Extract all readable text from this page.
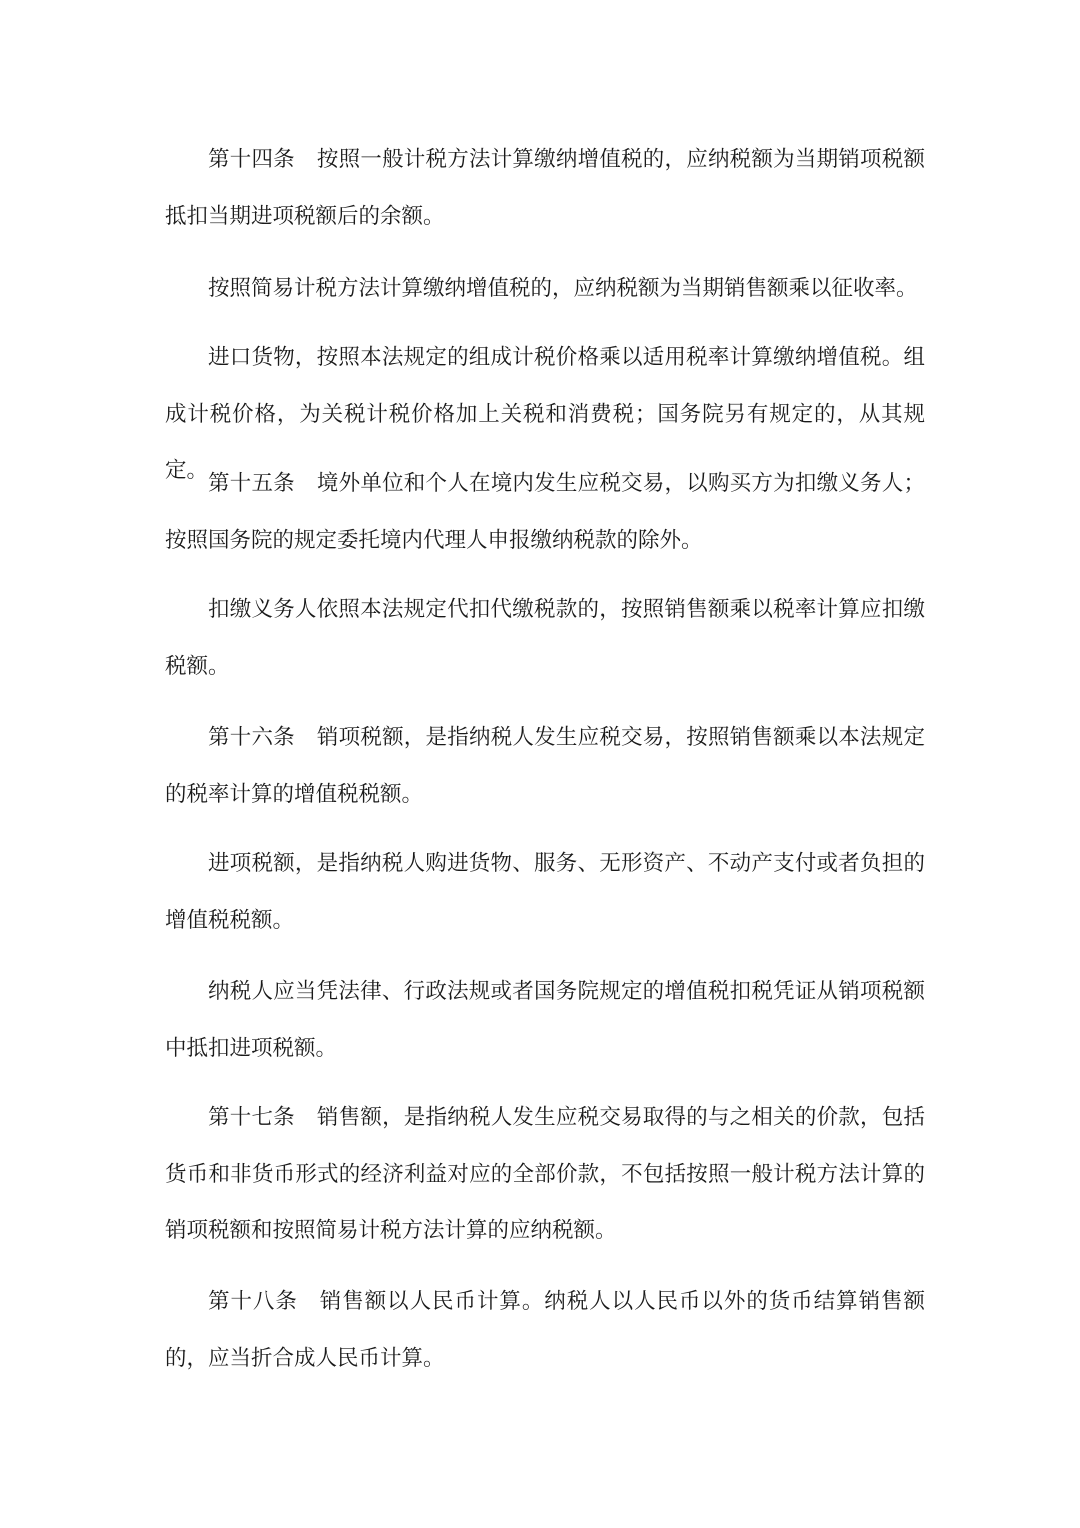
第十四条 按照一般计税方法计算缴纳增值税的，应纳税额为当期销项税额抵扣当期进项税额后的余额。

按照简易计税方法计算缴纳增值税的，应纳税额为当期销售额乘以征收率。

进口货物，按照本法规定的组成计税价格乘以适用税率计算缴纳增值税。组成计税价格，为关税计税价格加上关税和消费税；国务院另有规定的，从其规定。

第十五条 境外单位和个人在境内发生应税交易，以购买方为扣缴义务人；按照国务院的规定委托境内代理人申报缴纳税款的除外。

扣缴义务人依照本法规定代扣代缴税款的，按照销售额乘以税率计算应扣缴税额。

第十六条 销项税额，是指纳税人发生应税交易，按照销售额乘以本法规定的税率计算的增值税税额。

进项税额，是指纳税人购进货物、服务、无形资产、不动产支付或者负担的增值税税额。

纳税人应当凭法律、行政法规或者国务院规定的增值税扣税凭证从销项税额中抵扣进项税额。

第十七条 销售额，是指纳税人发生应税交易取得的与之相关的价款，包括货币和非货币形式的经济利益对应的全部价款，不包括按照一般计税方法计算的销项税额和按照简易计税方法计算的应纳税额。

第十八条 销售额以人民币计算。纳税人以人民币以外的货币结算销售额的，应当折合成人民币计算。
